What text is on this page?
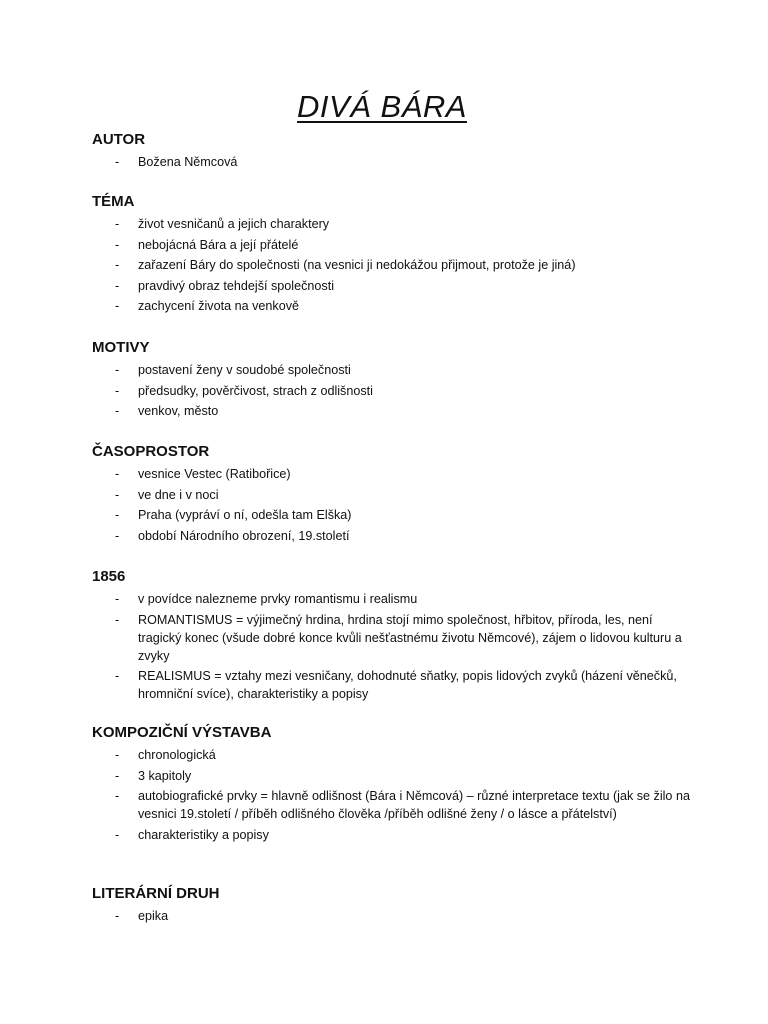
DIVÁ BÁRA
AUTOR
- Božena Němcová
TÉMA
- život vesničanů a jejich charaktery
- nebojácná Bára a její přátelé
- zařazení Báry do společnosti (na vesnici ji nedokážou přijmout, protože je jiná)
- pravdivý obraz tehdejší společnosti
- zachycení života na venkově
MOTIVY
- postavení ženy v soudobé společnosti
- předsudky, pověrčivost, strach z odlišnosti
- venkov, město
ČASOPROSTOR
- vesnice Vestec (Ratibořice)
- ve dne i v noci
- Praha (vypráví o ní, odešla tam Elška)
- období Národního obrození, 19.století
1856
- v povídce nalezneme prvky romantismu i realismu
- ROMANTISMUS = výjimečný hrdina, hrdina stojí mimo společnost, hřbitov, příroda, les, není tragický konec (všude dobré konce kvůli nešťastnému životu Němcové), zájem o lidovou kulturu a zvyky
- REALISMUS = vztahy mezi vesničany, dohodnuté sňatky, popis lidových zvyků (házení věnečků, hromniční svíce), charakteristiky a popisy
KOMPOZIČNÍ VÝSTAVBA
- chronologická
- 3 kapitoly
- autobiografické prvky = hlavně odlišnost (Bára i Němcová) – různé interpretace textu (jak se žilo na vesnici 19.století / příběh odlišného člověka /příběh odlišné ženy / o lásce a přátelství)
- charakteristiky a popisy
LITERÁRNÍ DRUH
- epika
